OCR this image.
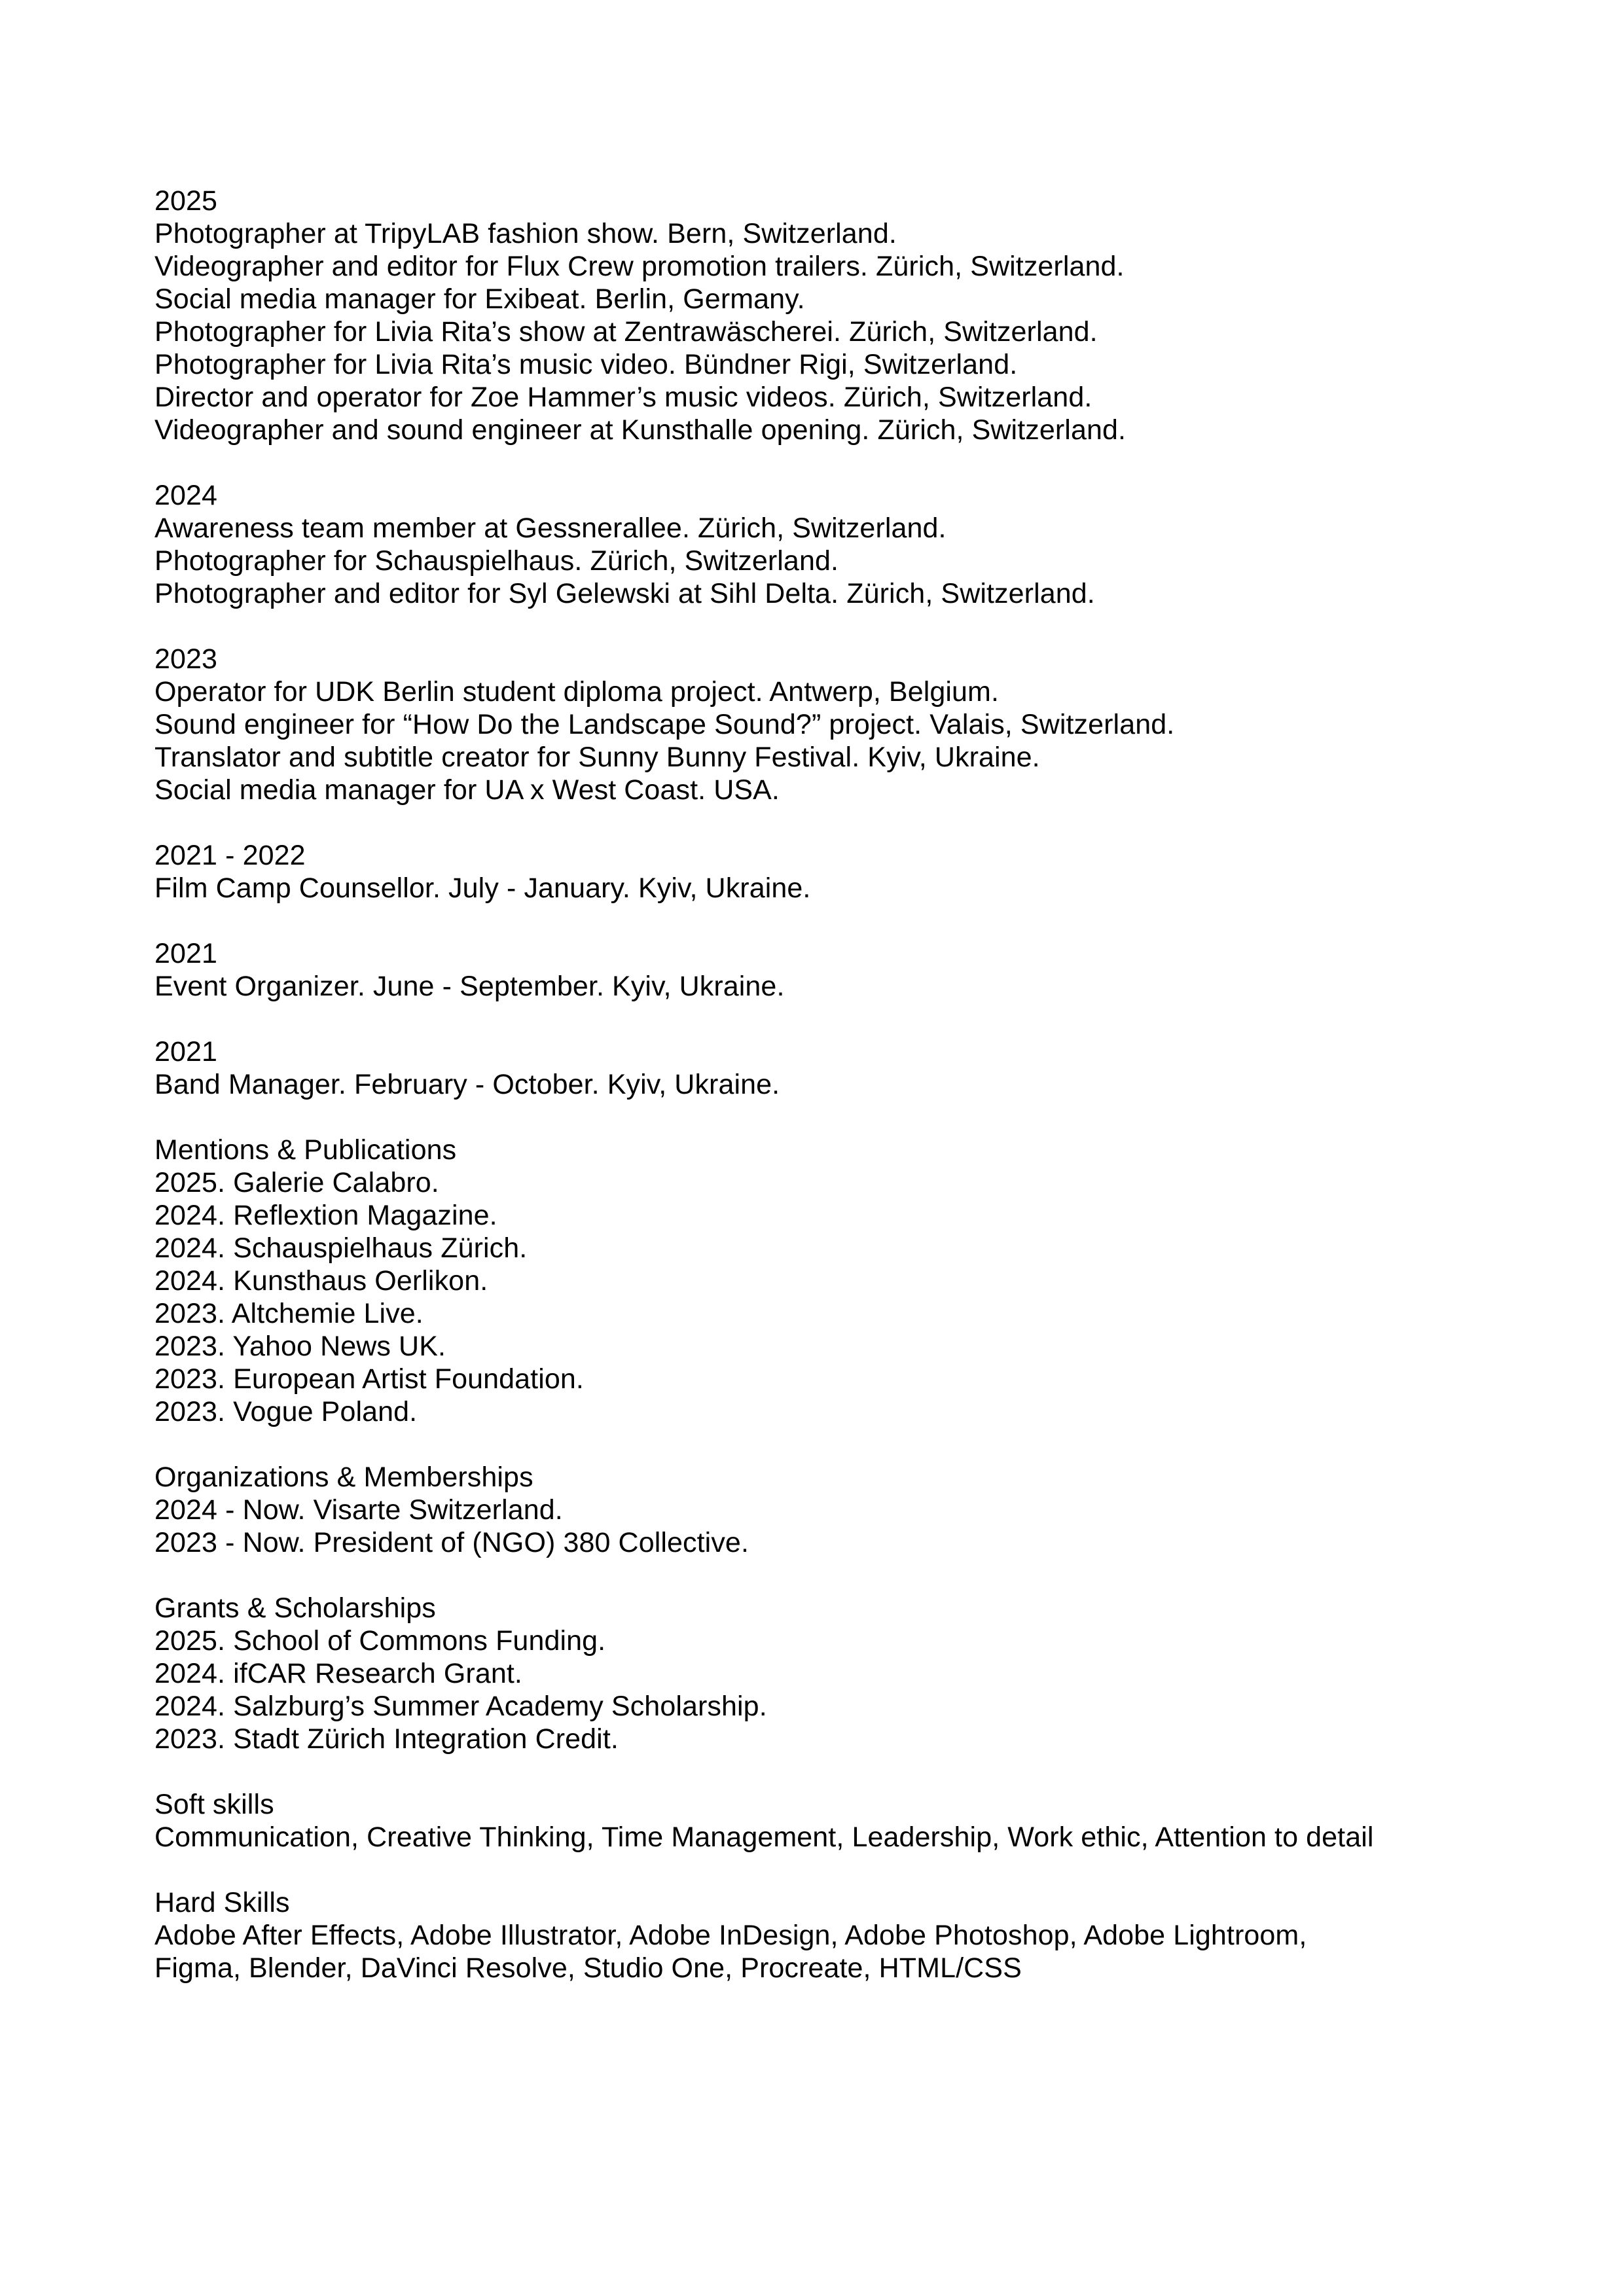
2025
Photographer at TripyLAB fashion show. Bern, Switzerland.
Videographer and editor for Flux Crew promotion trailers. Zürich, Switzerland.
Social media manager for Exibeat. Berlin, Germany.
Photographer for Livia Rita’s show at Zentrawäscherei. Zürich, Switzerland.
Photographer for Livia Rita’s music video. Bündner Rigi, Switzerland.
Director and operator for Zoe Hammer’s music videos. Zürich, Switzerland.
Videographer and sound engineer at Kunsthalle opening. Zürich, Switzerland.
2024
Awareness team member at Gessnerallee. Zürich, Switzerland.
Photographer for Schauspielhaus. Zürich, Switzerland.
Photographer and editor for Syl Gelewski at Sihl Delta. Zürich, Switzerland.
2023
Operator for UDK Berlin student diploma project. Antwerp, Belgium.
Sound engineer for “How Do the Landscape Sound?” project. Valais, Switzerland.
Translator and subtitle creator for Sunny Bunny Festival. Kyiv, Ukraine.
Social media manager for UA x West Coast. USA.
2021 - 2022
Film Camp Counsellor. July - January. Kyiv, Ukraine.
2021
Event Organizer. June - September. Kyiv, Ukraine.
2021
Band Manager. February - October. Kyiv, Ukraine.
Mentions & Publications
2025. Galerie Calabro.
2024. Reflextion Magazine.
2024. Schauspielhaus Zürich.
2024. Kunsthaus Oerlikon.
2023. Altchemie Live.
2023. Yahoo News UK.
2023. European Artist Foundation.
2023. Vogue Poland.
Organizations & Memberships
2024 - Now. Visarte Switzerland.
2023 - Now. President of (NGO) 380 Collective.
Grants & Scholarships
2025. School of Commons Funding.
2024. ifCAR Research Grant.
2024. Salzburg’s Summer Academy Scholarship.
2023. Stadt Zürich Integration Credit.
Soft skills
Communication, Creative Thinking, Time Management, Leadership, Work ethic, Attention to detail
Hard Skills
Adobe After Effects, Adobe Illustrator, Adobe InDesign, Adobe Photoshop, Adobe Lightroom,
Figma, Blender, DaVinci Resolve, Studio One, Procreate, HTML/CSS
